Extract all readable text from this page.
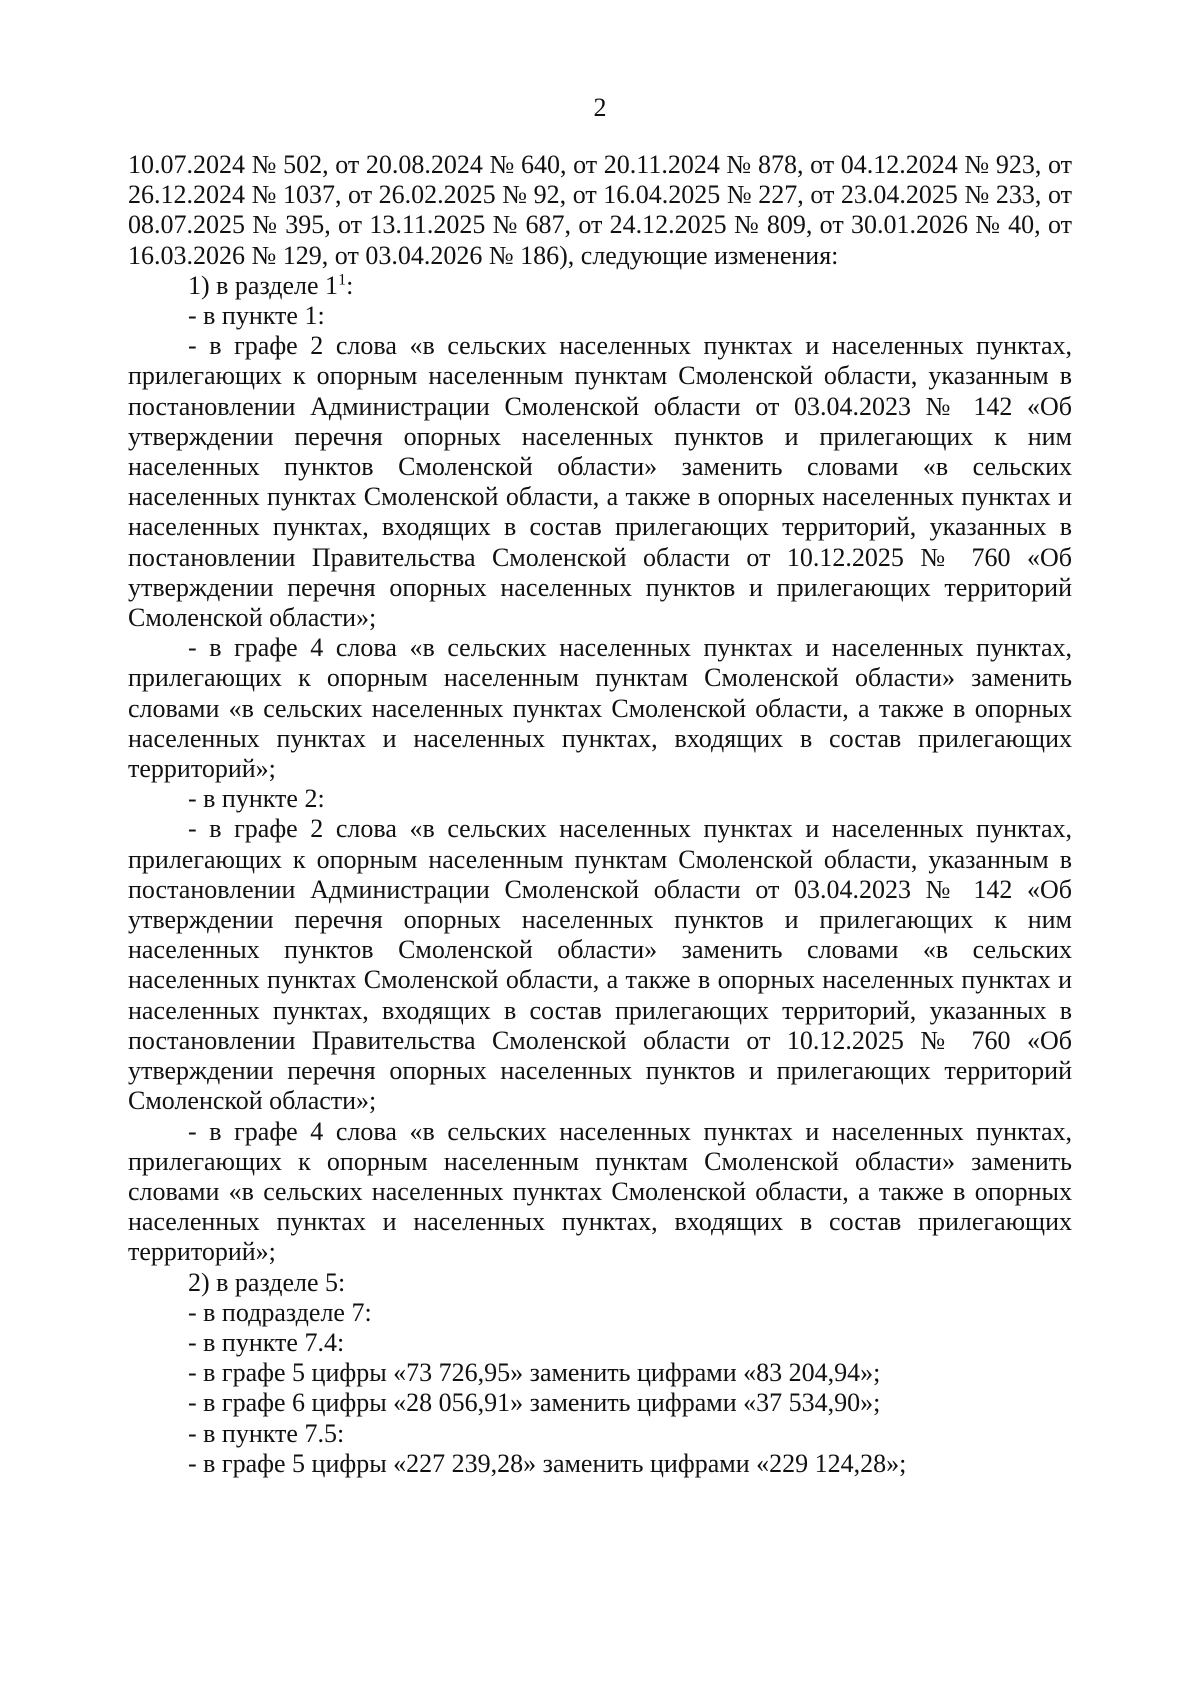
2

10.07.2024 № 502, от 20.08.2024 № 640, от 20.11.2024 № 878, от 04.12.2024 № 923, от 26.12.2024 № 1037, от 26.02.2025 № 92, от 16.04.2025 № 227, от 23.04.2025 № 233, от 08.07.2025 № 395, от 13.11.2025 № 687, от 24.12.2025 № 809, от 30.01.2026 № 40, от 16.03.2026 № 129, от 03.04.2026 № 186), следующие изменения:

1) в разделе $1^1$:

- в пункте 1:

- в графе 2 слова «в сельских населенных пунктах и населенных пунктах, прилегающих к опорным населенным пунктам Смоленской области, указанным в постановлении Администрации Смоленской области от 03.04.2023 № 142 «Об утверждении перечня опорных населенных пунктов и прилегающих к ним населенных пунктов Смоленской области» заменить словами «в сельских населенных пунктах Смоленской области, а также в опорных населенных пунктах и населенных пунктах, входящих в состав прилегающих территорий, указанных в постановлении Правительства Смоленской области от 10.12.2025 № 760 «Об утверждении перечня опорных населенных пунктов и прилегающих территорий Смоленской области»;

- в графе 4 слова «в сельских населенных пунктах и населенных пунктах, прилегающих к опорным населенным пунктам Смоленской области» заменить словами «в сельских населенных пунктах Смоленской области, а также в опорных населенных пунктах и населенных пунктах, входящих в состав прилегающих территорий»;

- в пункте 2:

- в графе 2 слова «в сельских населенных пунктах и населенных пунктах, прилегающих к опорным населенным пунктам Смоленской области, указанным в постановлении Администрации Смоленской области от 03.04.2023 № 142 «Об утверждении перечня опорных населенных пунктов и прилегающих к ним населенных пунктов Смоленской области» заменить словами «в сельских населенных пунктах Смоленской области, а также в опорных населенных пунктах и населенных пунктах, входящих в состав прилегающих территорий, указанных в постановлении Правительства Смоленской области от 10.12.2025 № 760 «Об утверждении перечня опорных населенных пунктов и прилегающих территорий Смоленской области»;

- в графе 4 слова «в сельских населенных пунктах и населенных пунктах, прилегающих к опорным населенным пунктам Смоленской области» заменить словами «в сельских населенных пунктах Смоленской области, а также в опорных населенных пунктах и населенных пунктах, входящих в состав прилегающих территорий»;

2) в разделе 5:

- в подразделе 7:

- в пункте 7.4:

- в графе 5 цифры «73 726,95» заменить цифрами «83 204,94»;

- в графе 6 цифры «28 056,91» заменить цифрами «37 534,90»;

- в пункте 7.5:

- в графе 5 цифры «227 239,28» заменить цифрами «229 124,28»;
